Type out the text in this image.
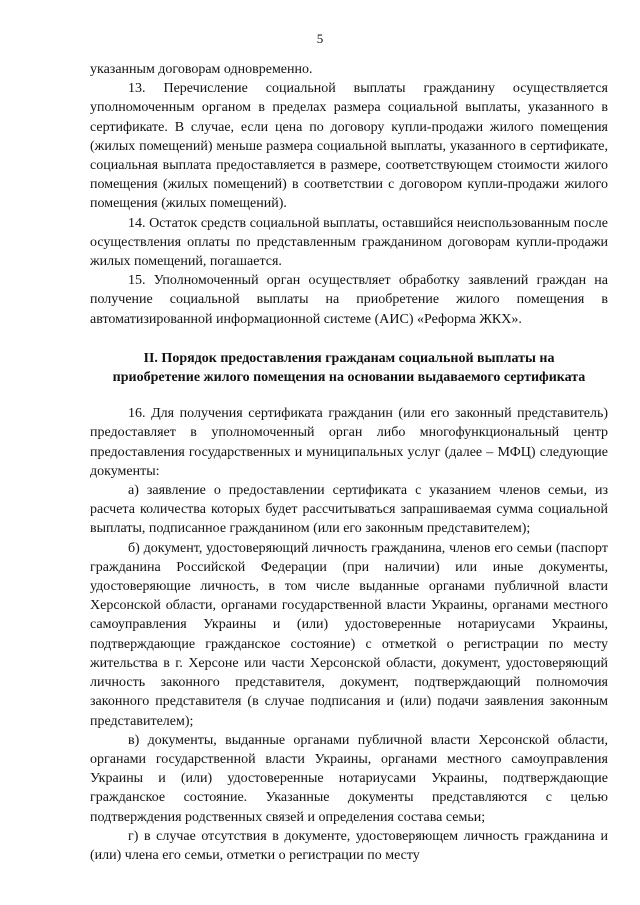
5

указанным договорам одновременно.

13. Перечисление социальной выплаты гражданину осуществляется уполномоченным органом в пределах размера социальной выплаты, указанного в сертификате. В случае, если цена по договору купли-продажи жилого помещения (жилых помещений) меньше размера социальной выплаты, указанного в сертификате, социальная выплата предоставляется в размере, соответствующем стоимости жилого помещения (жилых помещений) в соответствии с договором купли-продажи жилого помещения (жилых помещений).

14. Остаток средств социальной выплаты, оставшийся неиспользованным после осуществления оплаты по представленным гражданином договорам купли-продажи жилых помещений, погашается.

15. Уполномоченный орган осуществляет обработку заявлений граждан на получение социальной выплаты на приобретение жилого помещения в автоматизированной информационной системе (АИС) «Реформа ЖКХ».

II. Порядок предоставления гражданам социальной выплаты на
приобретение жилого помещения на основании выдаваемого сертификата

16. Для получения сертификата гражданин (или его законный представитель) предоставляет в уполномоченный орган либо многофункциональный центр предоставления государственных и муниципальных услуг (далее – МФЦ) следующие документы:

а) заявление о предоставлении сертификата с указанием членов семьи, из расчета количества которых будет рассчитываться запрашиваемая сумма социальной выплаты, подписанное гражданином (или его законным представителем);

б) документ, удостоверяющий личность гражданина, членов его семьи (паспорт гражданина Российской Федерации (при наличии) или иные документы, удостоверяющие личность, в том числе выданные органами публичной власти Херсонской области, органами государственной власти Украины, органами местного самоуправления Украины и (или) удостоверенные нотариусами Украины, подтверждающие гражданское состояние) с отметкой о регистрации по месту жительства в г. Херсоне или части Херсонской области, документ, удостоверяющий личность законного представителя, документ, подтверждающий полномочия законного представителя (в случае подписания и (или) подачи заявления законным представителем);

в) документы, выданные органами публичной власти Херсонской области, органами государственной власти Украины, органами местного самоуправления Украины и (или) удостоверенные нотариусами Украины, подтверждающие гражданское состояние. Указанные документы представляются с целью подтверждения родственных связей и определения состава семьи;

г) в случае отсутствия в документе, удостоверяющем личность гражданина и (или) члена его семьи, отметки о регистрации по месту
